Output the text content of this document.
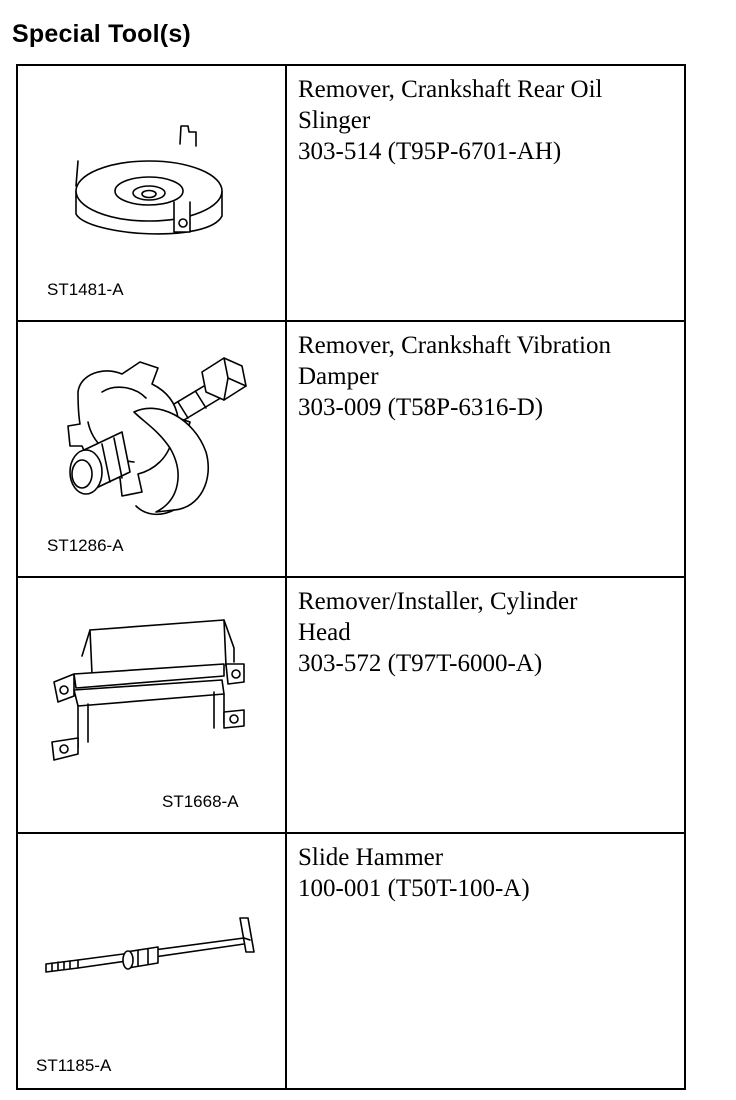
Special Tool(s)
ST1481-A	Remover, Crankshaft Rear Oil
Slinger
303-514 (T95P-6701-AH)

ST1286-A	Remover, Crankshaft Vibration
Damper
303-009 (T58P-6316-D)

ST1668-A	Remover/Installer, Cylinder
Head
303-572 (T97T-6000-A)

ST1185-A	Slide Hammer
100-001 (T50T-100-A)
